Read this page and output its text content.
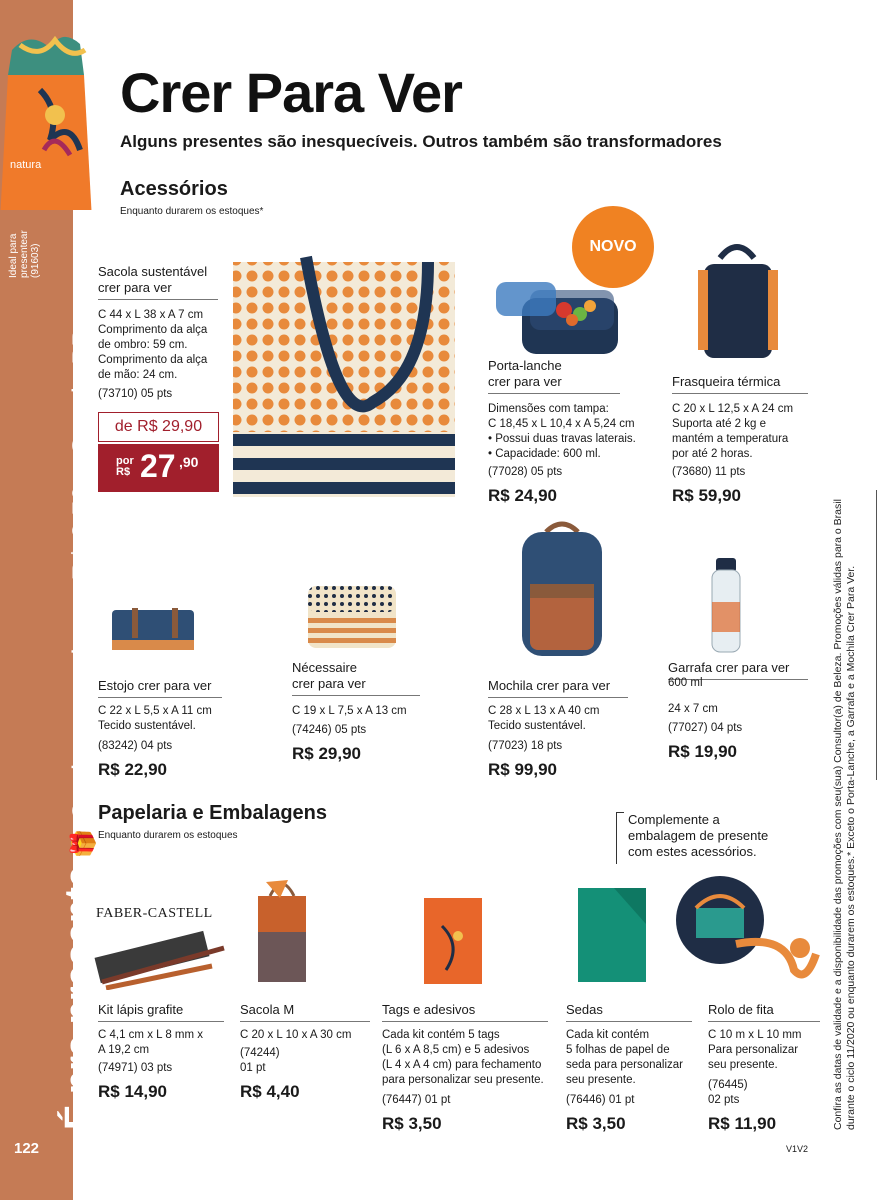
natura
Ideal para presentear (91603)
É pra presente 🎁 Qualquer produto + R$ 2,50 = Sacola PP
122
Crer Para Ver
Alguns presentes são inesquecíveis. Outros também são transformadores
Acessórios
Enquanto durarem os estoques*
Sacola sustentável
crer para ver
C 44 x L 38 x A 7 cm
Comprimento da alça
de ombro: 59 cm.
Comprimento da alça
de mão: 24 cm.
(73710) 05 pts
de R$ 29,90
por
R$ 27 ,90
NOVO
Porta-lanche
crer para ver
Dimensões com tampa:
C 18,45 x L 10,4 x A 5,24 cm
• Possui duas travas laterais.
• Capacidade: 600 ml.
(77028) 05 pts
R$ 24,90
Frasqueira térmica
C 20 x L 12,5 x A 24 cm
Suporta até 2 kg e
mantém a temperatura
por até 2 horas.
(73680) 11 pts
R$ 59,90
Estojo crer para ver
C 22 x L 5,5 x A 11 cm
Tecido sustentável.
(83242) 04 pts
R$ 22,90
Nécessaire
crer para ver
C 19 x L 7,5 x A 13 cm
(74246) 05 pts
R$ 29,90
Mochila crer para ver
C 28 x L 13 x A 40 cm
Tecido sustentável.
(77023) 18 pts
R$ 99,90
Garrafa crer para ver
600 ml
24 x 7 cm
(77027) 04 pts
R$ 19,90
Papelaria e Embalagens
Enquanto durarem os estoques
Complemente a
embalagem de presente
com estes acessórios.
FABER-CASTELL
Kit lápis grafite
C 4,1 cm x L 8 mm x
A 19,2 cm
(74971) 03 pts
R$ 14,90
Sacola M
C 20 x L 10 x A 30 cm
(74244)
01 pt
R$ 4,40
Tags e adesivos
Cada kit contém 5 tags
(L 6 x A 8,5 cm) e 5 adesivos
(L 4 x A 4 cm) para fechamento
para personalizar seu presente.
(76447) 01 pt
R$ 3,50
Sedas
Cada kit contém
5 folhas de papel de
seda para personalizar
seu presente.
(76446) 01 pt
R$ 3,50
Rolo de fita
C 10 m x L 10 mm
Para personalizar
seu presente.
(76445)
02 pts
R$ 11,90	Confira as datas de validade e a disponibilidade das promoções com seu(sua) Consultor(a) de Beleza. Promoções válidas para o Brasil durante o ciclo 11/2020 ou enquanto durarem os estoques.* Exceto o Porta-Lanche, a Garrafa e a Mochila Crer Para Ver.
V1V2
